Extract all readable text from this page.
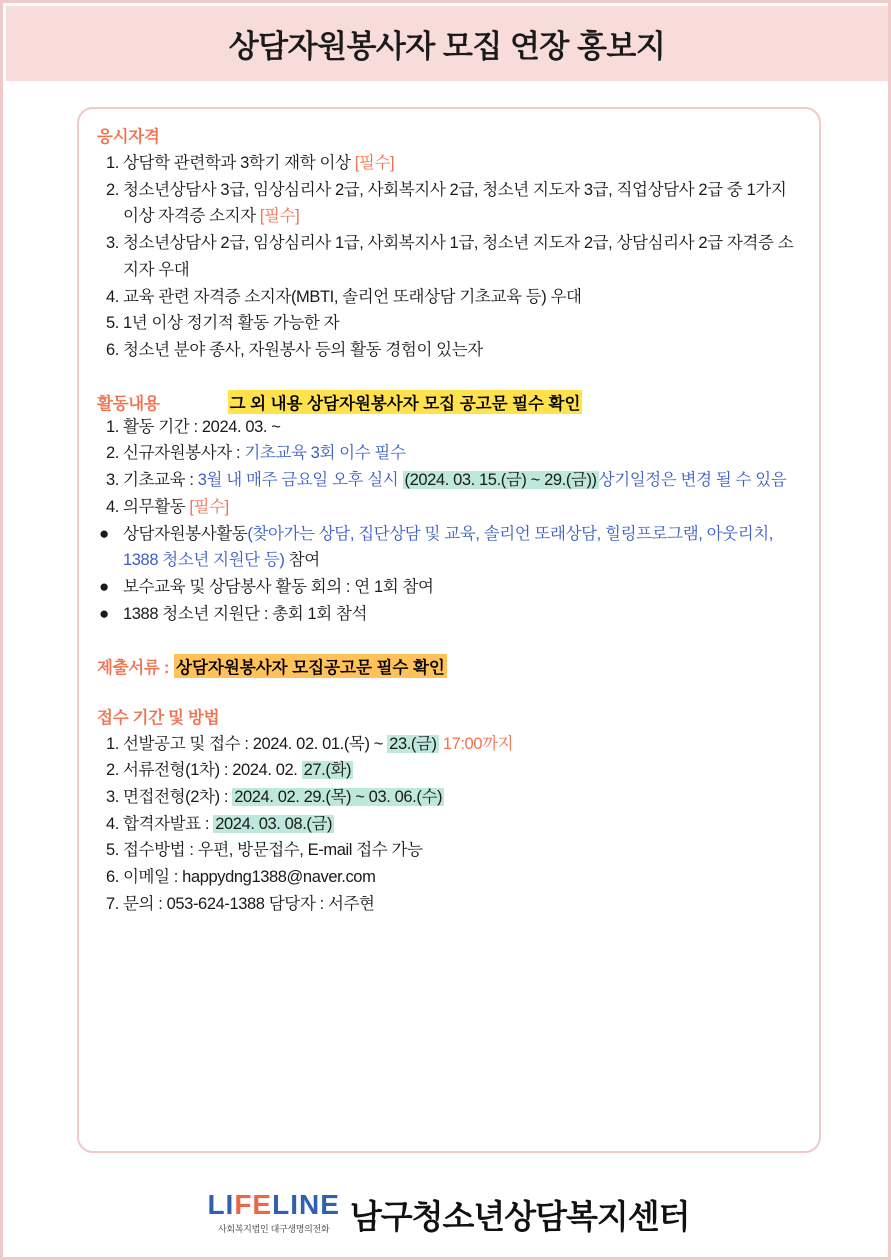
상담자원봉사자 모집 연장 홍보지
응시자격
1. 상담학 관련학과 3학기 재학 이상 [필수]
2. 청소년상담사 3급, 임상심리사 2급, 사회복지사 2급, 청소년 지도자 3급, 직업상담사 2급 중 1가지 이상 자격증 소지자 [필수]
3. 청소년상담사 2급, 임상심리사 1급, 사회복지사 1급, 청소년 지도자 2급, 상담심리사 2급 자격증 소지자 우대
4. 교육 관련 자격증 소지자(MBTI, 솔리언 또래상담 기초교육 등) 우대
5. 1년 이상 정기적 활동 가능한 자
6. 청소년 분야 종사, 자원봉사 등의 활동 경험이 있는자
활동내용	그 외 내용 상담자원봉사자 모집 공고문 필수 확인
1. 활동 기간 : 2024. 03. ~
2. 신규자원봉사자 : 기초교육 3회 이수 필수
3. 기초교육 : 3월 내 매주 금요일 오후 실시 (2024. 03. 15.(금) ~ 29.(금)) 상기일정은 변경 될 수 있음
4. 의무활동 [필수]
● 상담자원봉사활동(찾아가는 상담, 집단상담 및 교육, 솔리언 또래상담, 힐링프로그램, 아웃리치, 1388 청소년 지원단 등) 참여
● 보수교육 및 상담봉사 활동 회의 : 연 1회 참여
● 1388 청소년 지원단 : 총회 1회 참석
제출서류 : 상담자원봉사자 모집공고문 필수 확인
접수 기간 및 방법
1. 선발공고 및 접수 : 2024. 02. 01.(목) ~ 23.(금) 17:00까지
2. 서류전형(1차) : 2024. 02. 27.(화)
3. 면접전형(2차) : 2024. 02. 29.(목) ~ 03. 06.(수)
4. 합격자발표 : 2024. 03. 08.(금)
5. 접수방법 : 우편, 방문접수, E-mail 접수 가능
6. 이메일 : happydng1388@naver.com
7. 문의 : 053-624-1388 담당자 : 서주현
LIFELINE
사회복지법인 대구생명의전화 남구청소년상담복지센터
